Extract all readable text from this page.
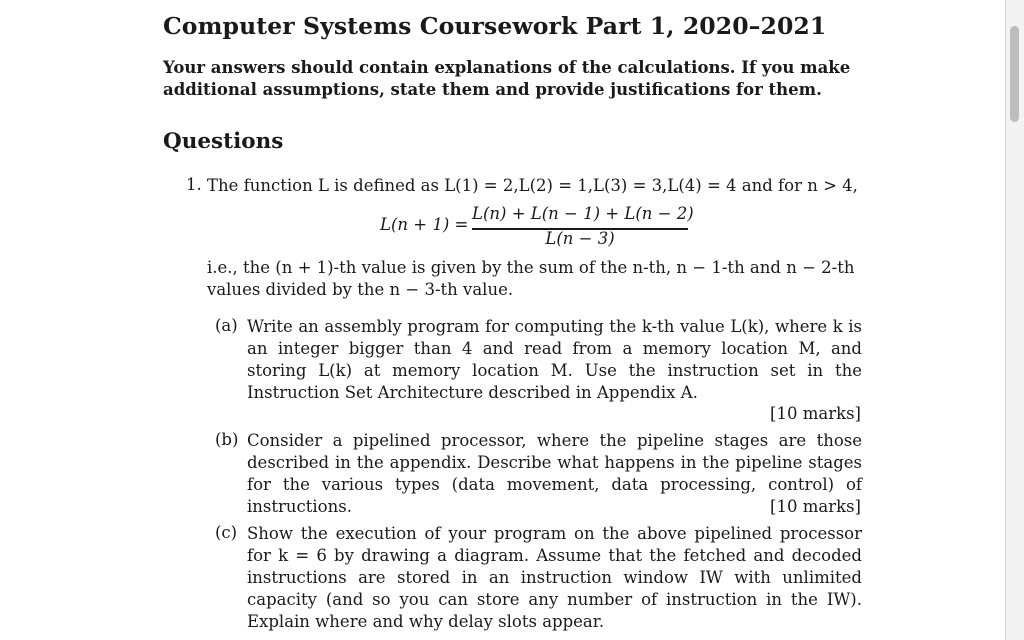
Computer Systems Coursework Part 1, 2020–2021
Your answers should contain explanations of the calculations. If you make additional assumptions, state them and provide justifications for them.
Questions
1. The function L is defined as L(1) = 2,L(2) = 1,L(3) = 3,L(4) = 4 and for n > 4,
L(n + 1) =
L(n) + L(n − 1) + L(n − 2)
L(n − 3)
i.e., the (n + 1)-th value is given by the sum of the n-th, n − 1-th and n − 2-th values divided by the n − 3-th value.
(a) Write an assembly program for computing the k-th value L(k), where k is an integer bigger than 4 and read from a memory location M, and storing L(k) at memory location M. Use the instruction set in the Instruction Set Architecture described in Appendix A.
[10 marks]
(b) Consider a pipelined processor, where the pipeline stages are those described in the appendix. Describe what happens in the pipeline stages for the various types (data movement, data processing, control) of instructions.	[10 marks]
(c) Show the execution of your program on the above pipelined processor for k = 6 by drawing a diagram. Assume that the fetched and decoded instructions are stored in an instruction window IW with unlimited capacity (and so you can store any number of instruction in the IW). Explain where and why delay slots appear.
